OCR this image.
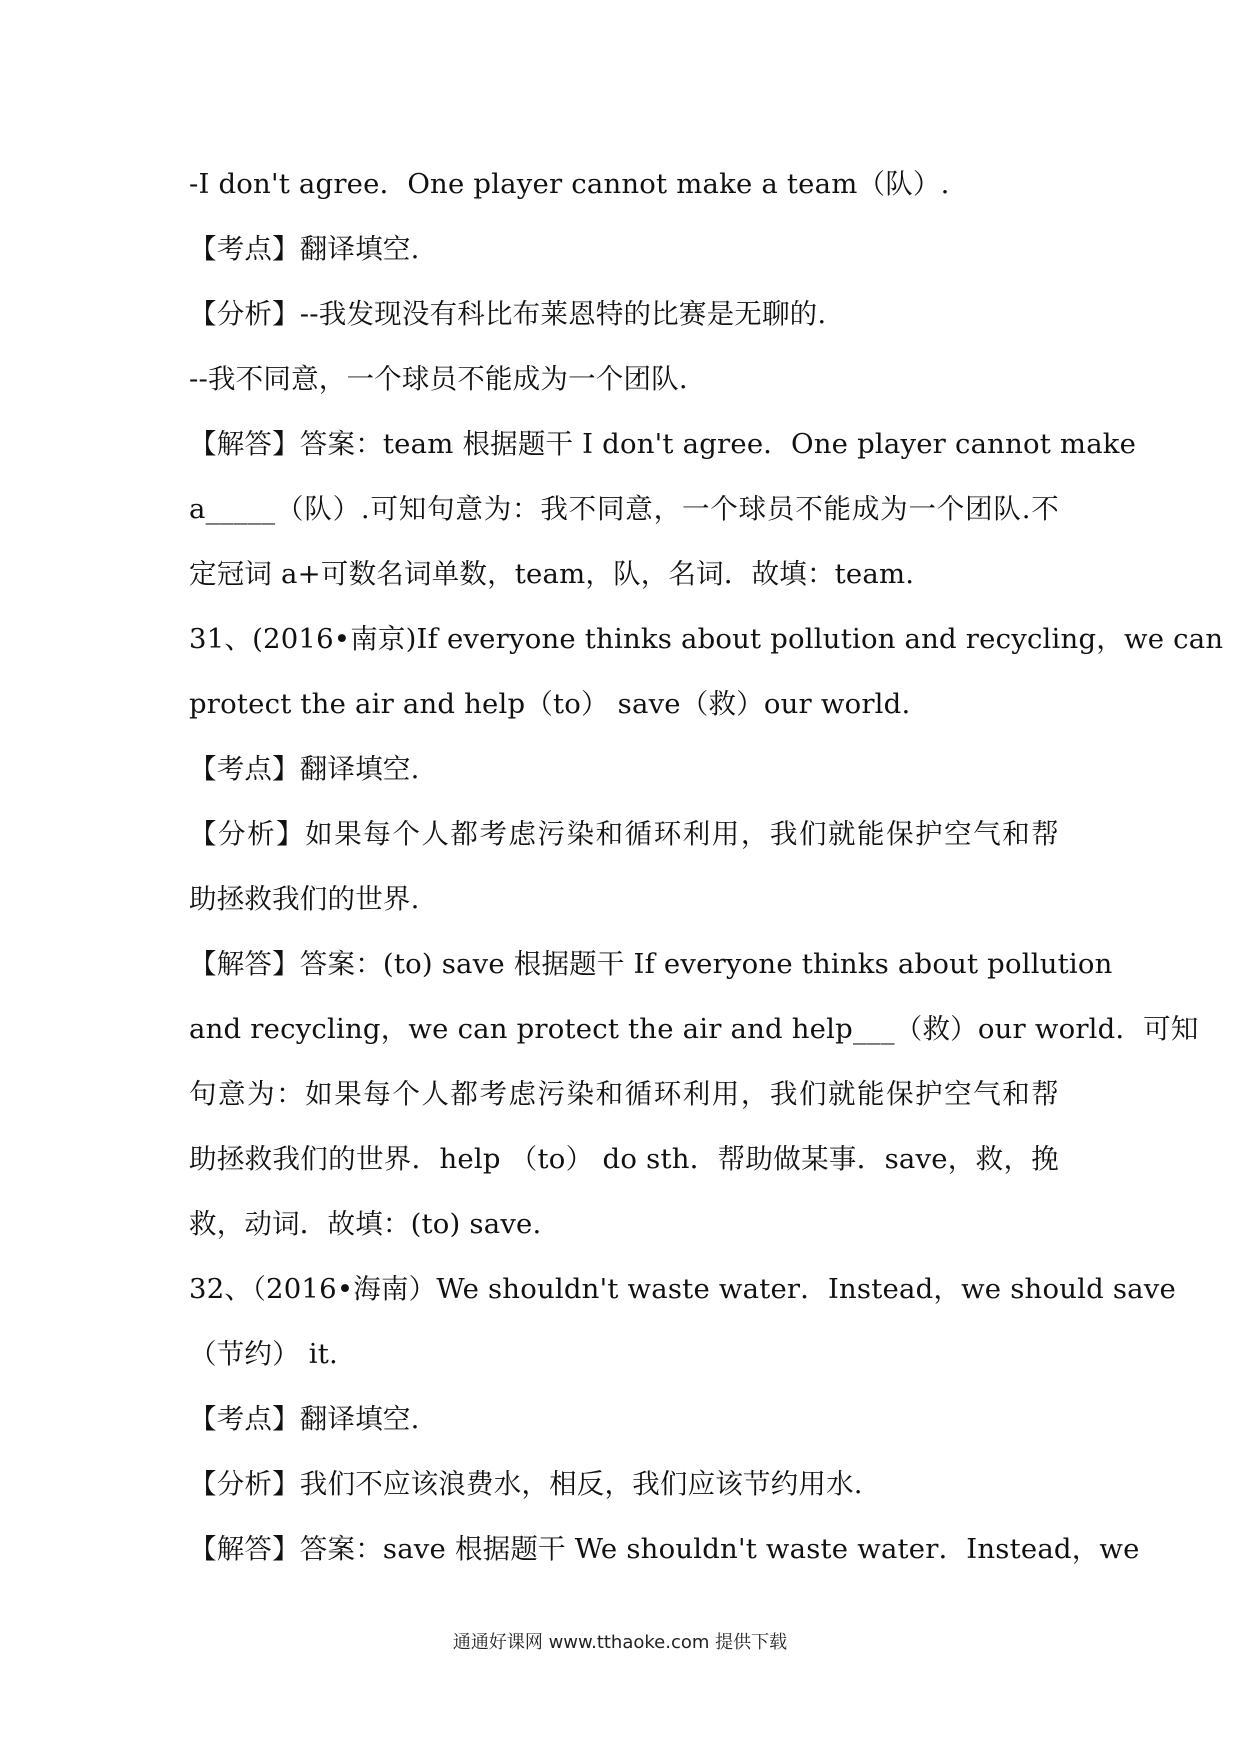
-I don't agree．One player cannot make a team（队）.
【考点】翻译填空.
【分析】--我发现没有科比布莱恩特的比赛是无聊的.
--我不同意，一个球员不能成为一个团队.
【解答】答案：team 根据题干 I don't agree．One player cannot make
a_____（队）.可知句意为：我不同意，一个球员不能成为一个团队.不
定冠词 a+可数名词单数，team，队，名词．故填：team.
31、(2016•南京)If everyone thinks about pollution and recycling，we can
protect the air and help（to） save（救）our world.
【考点】翻译填空.
【分析】如果每个人都考虑污染和循环利用，我们就能保护空气和帮
助拯救我们的世界.
【解答】答案：(to) save 根据题干 If everyone thinks about pollution
and recycling，we can protect the air and help___（救）our world．可知
句意为：如果每个人都考虑污染和循环利用，我们就能保护空气和帮
助拯救我们的世界．help （to） do sth．帮助做某事．save，救，挽
救，动词．故填：(to) save.
32、（2016•海南）We shouldn't waste water．Instead，we should save
（节约） it.
【考点】翻译填空.
【分析】我们不应该浪费水，相反，我们应该节约用水.
【解答】答案：save 根据题干 We shouldn't waste water．Instead，we
通通好课网 www.tthaoke.com 提供下载
